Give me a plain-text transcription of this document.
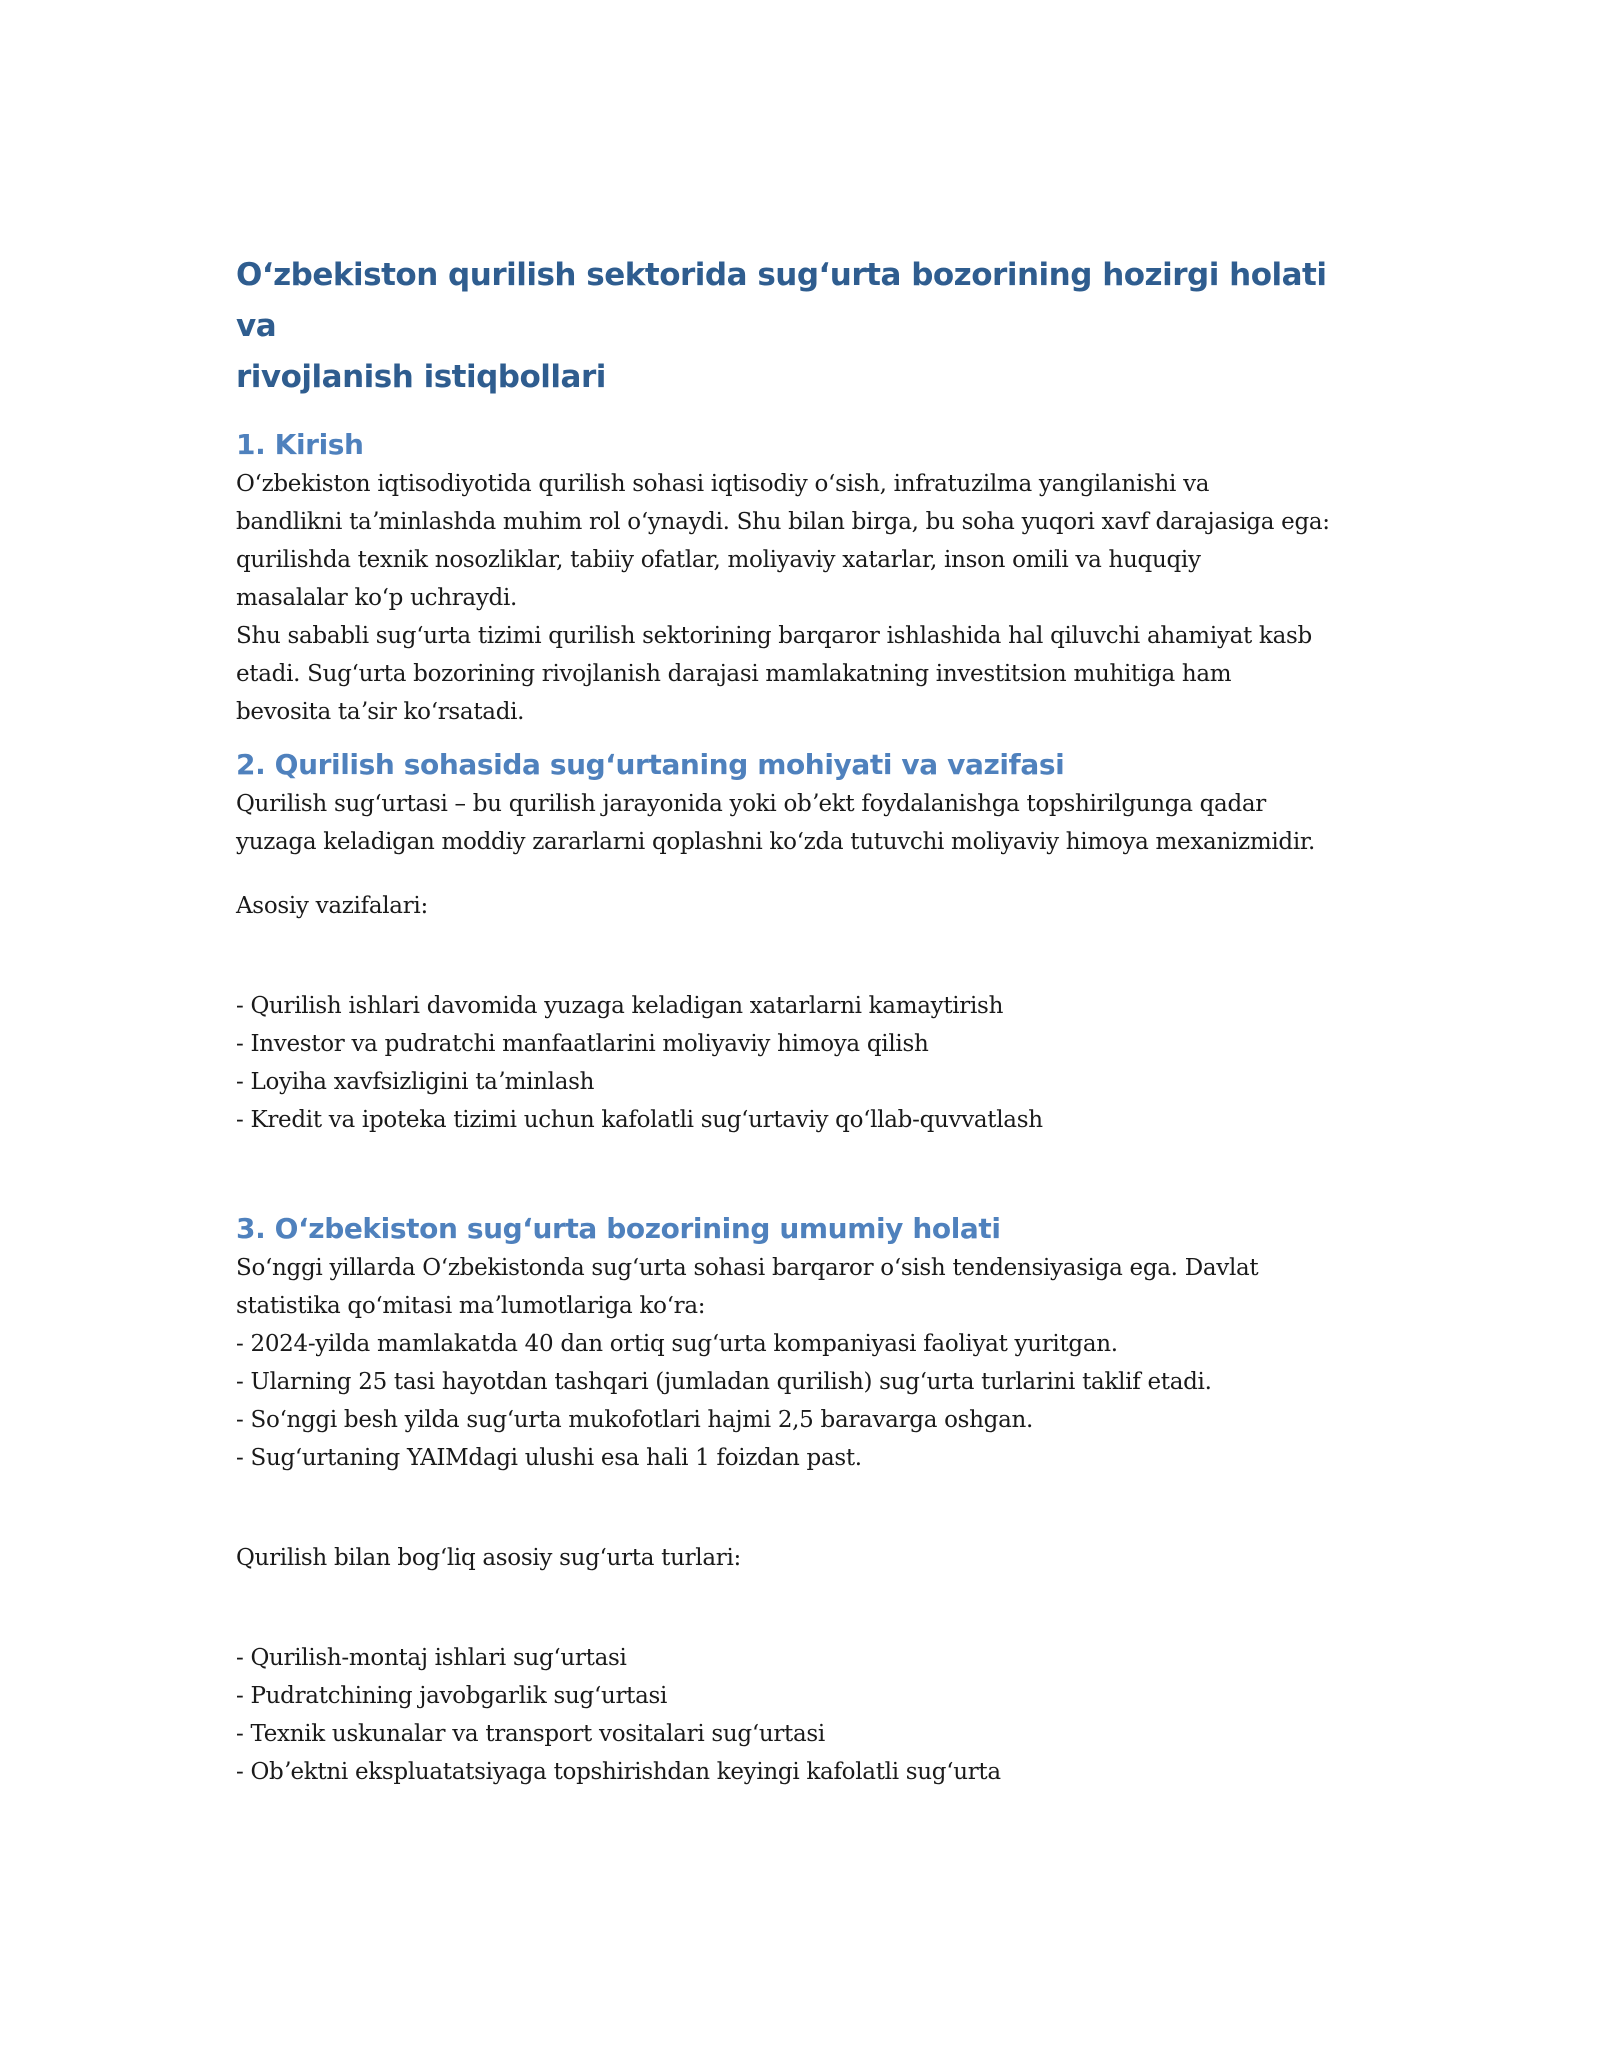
Oʻzbekiston qurilish sektorida sugʻurta bozorining hozirgi holati va
rivojlanish istiqbollari
1. Kirish
Oʻzbekiston iqtisodiyotida qurilish sohasi iqtisodiy oʻsish, infratuzilma yangilanishi va
bandlikni taʼminlashda muhim rol oʻynaydi. Shu bilan birga, bu soha yuqori xavf darajasiga ega:
qurilishda texnik nosozliklar, tabiiy ofatlar, moliyaviy xatarlar, inson omili va huquqiy
masalalar koʻp uchraydi.
Shu sababli sugʻurta tizimi qurilish sektorining barqaror ishlashida hal qiluvchi ahamiyat kasb
etadi. Sugʻurta bozorining rivojlanish darajasi mamlakatning investitsion muhitiga ham
bevosita taʼsir koʻrsatadi.
2. Qurilish sohasida sugʻurtaning mohiyati va vazifasi
Qurilish sugʻurtasi – bu qurilish jarayonida yoki obʼekt foydalanishga topshirilgunga qadar
yuzaga keladigan moddiy zararlarni qoplashni koʻzda tutuvchi moliyaviy himoya mexanizmidir.

Asosiy vazifalari:

- Qurilish ishlari davomida yuzaga keladigan xatarlarni kamaytirish
- Investor va pudratchi manfaatlarini moliyaviy himoya qilish
- Loyiha xavfsizligini taʼminlash
- Kredit va ipoteka tizimi uchun kafolatli sugʻurtaviy qoʻllab-quvvatlash
3. Oʻzbekiston sugʻurta bozorining umumiy holati
Soʻnggi yillarda Oʻzbekistonda sugʻurta sohasi barqaror oʻsish tendensiyasiga ega. Davlat
statistika qoʻmitasi maʼlumotlariga koʻra:
- 2024-yilda mamlakatda 40 dan ortiq sugʻurta kompaniyasi faoliyat yuritgan.
- Ularning 25 tasi hayotdan tashqari (jumladan qurilish) sugʻurta turlarini taklif etadi.
- Soʻnggi besh yilda sugʻurta mukofotlari hajmi 2,5 baravarga oshgan.
- Sugʻurtaning YAIMdagi ulushi esa hali 1 foizdan past.

Qurilish bilan bogʻliq asosiy sugʻurta turlari:

- Qurilish-montaj ishlari sugʻurtasi
- Pudratchining javobgarlik sugʻurtasi
- Texnik uskunalar va transport vositalari sugʻurtasi
- Obʼektni ekspluatatsiyaga topshirishdan keyingi kafolatli sugʻurta
